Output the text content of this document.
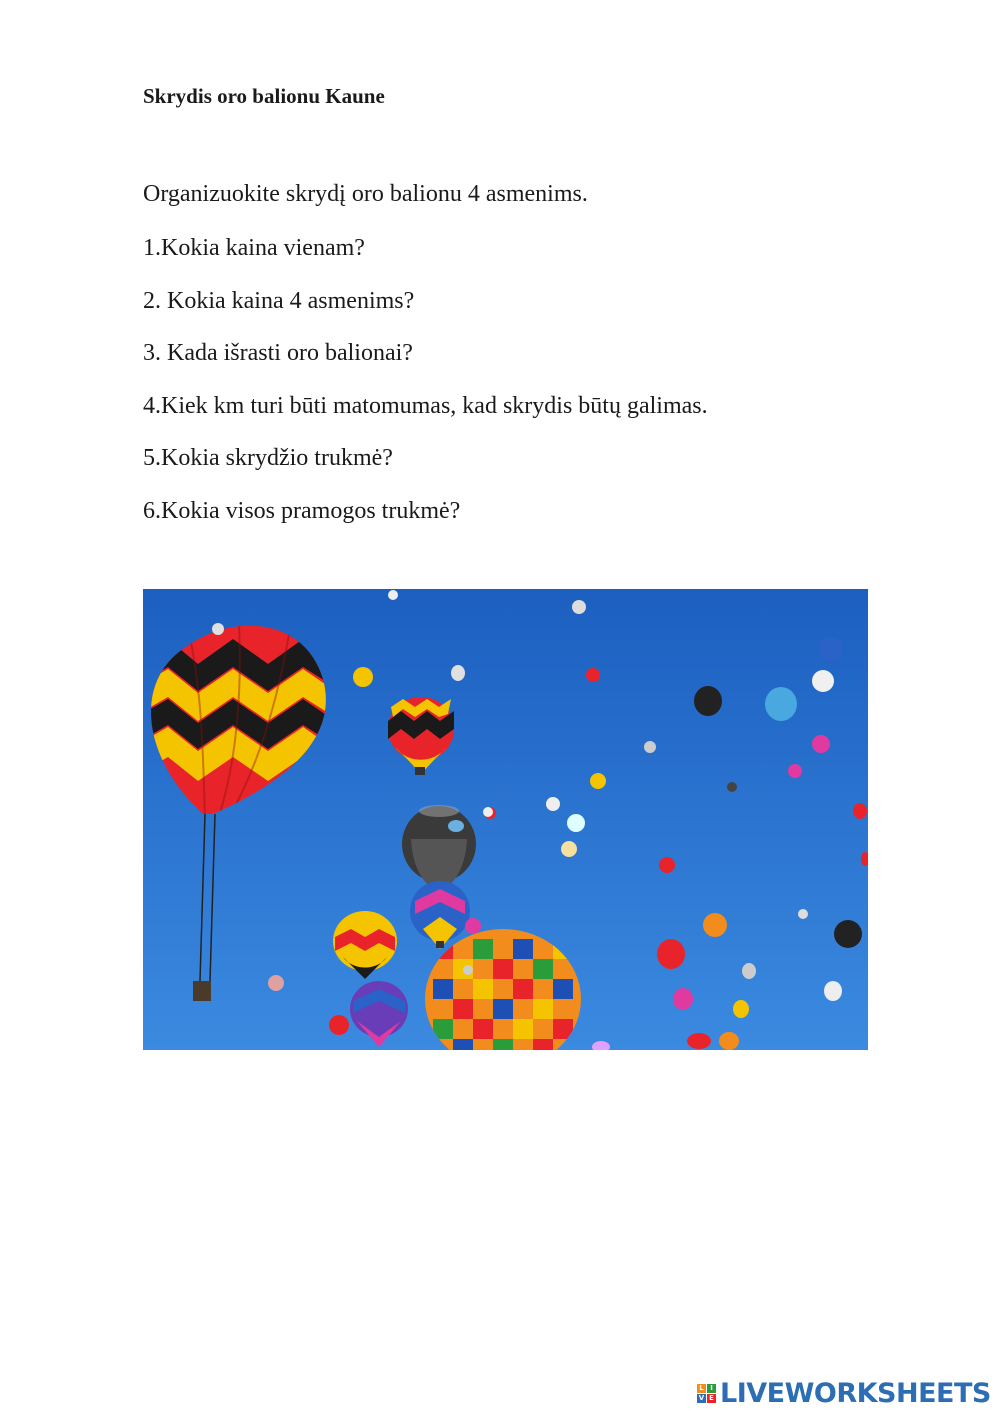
Skrydis oro balionu Kaune

Organizuokite skrydį oro balionu 4 asmenims.

1.Kokia kaina vienam?
2. Kokia kaina 4 asmenims?
3. Kada išrasti oro balionai?
4.Kiek km turi būti matomumas, kad skrydis būtų galimas.
5.Kokia skrydžio trukmė?
6.Kokia visos pramogos trukmė?
L I
V E LIVEWORKSHEETS
